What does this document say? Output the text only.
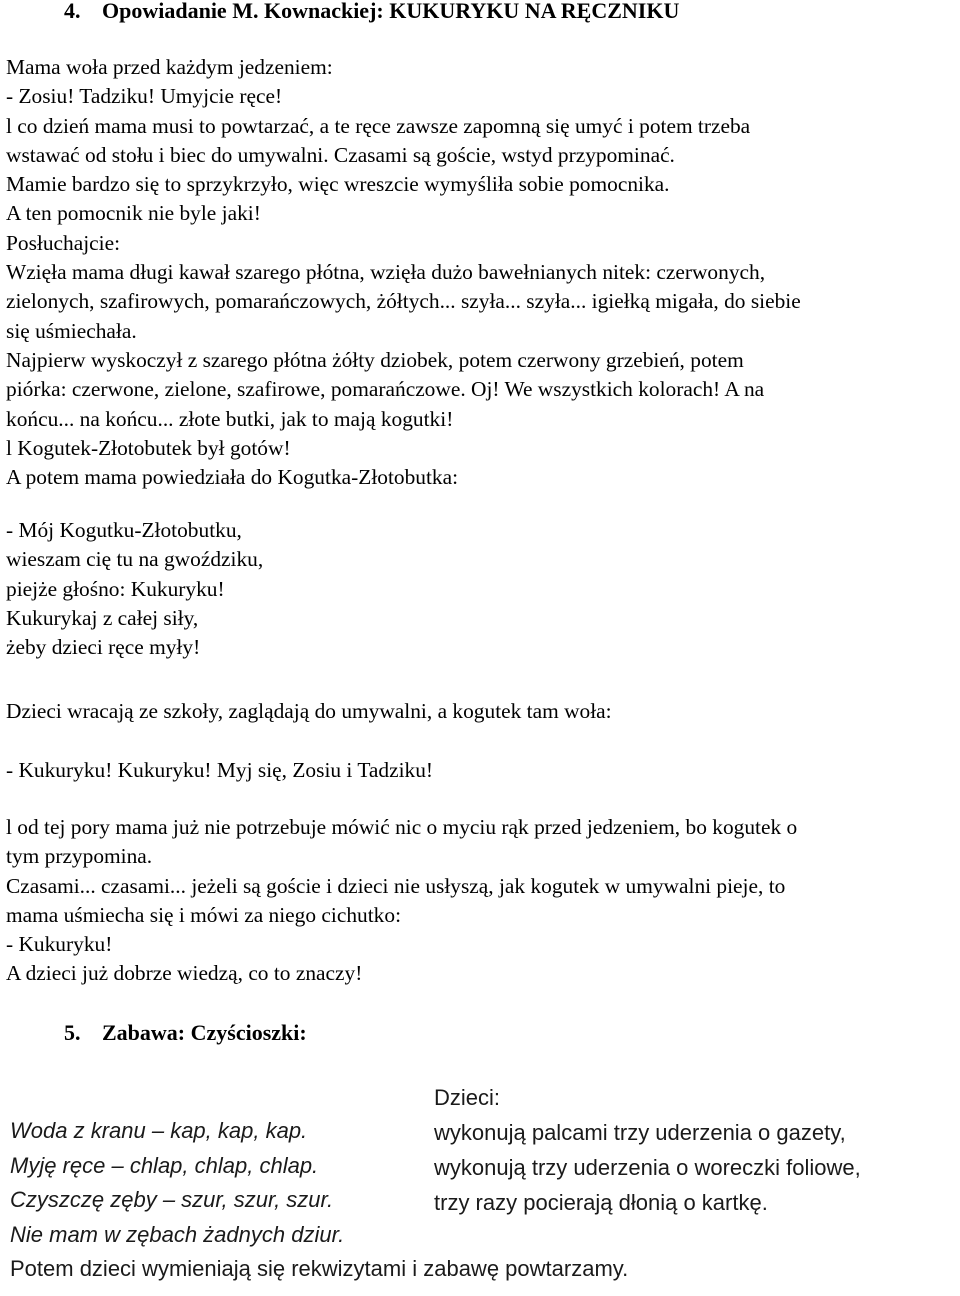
4. Opowiadanie M. Kownackiej: KUKURYKU NA RĘCZNIKU
Mama woła przed każdym jedzeniem:
- Zosiu! Tadziku! Umyjcie ręce!
l co dzień mama musi to powtarzać, a te ręce zawsze zapomną się umyć i potem trzeba
wstawać od stołu i biec do umywalni. Czasami są goście, wstyd przypominać.
Mamie bardzo się to sprzykrzyło, więc wreszcie wymyśliła sobie pomocnika.
A ten pomocnik nie byle jaki!
Posłuchajcie:
Wzięła mama długi kawał szarego płótna, wzięła dużo bawełnianych nitek: czerwonych,
zielonych, szafirowych, pomarańczowych, żółtych... szyła... szyła... igiełką migała, do siebie
się uśmiechała.
Najpierw wyskoczył z szarego płótna żółty dziobek, potem czerwony grzebień, potem
piórka: czerwone, zielone, szafirowe, pomarańczowe. Oj! We wszystkich kolorach! A na
końcu... na końcu... złote butki, jak to mają kogutki!
l Kogutek-Złotobutek był gotów!
A potem mama powiedziała do Kogutka-Złotobutka:
- Mój Kogutku-Złotobutku,
wieszam cię tu na gwoździku,
piejże głośno: Kukuryku!
Kukurykaj z całej siły,
żeby dzieci ręce myły!
Dzieci wracają ze szkoły, zaglądają do umywalni, a kogutek tam woła:
- Kukuryku! Kukuryku! Myj się, Zosiu i Tadziku!
l od tej pory mama już nie potrzebuje mówić nic o myciu rąk przed jedzeniem, bo kogutek o
tym przypomina.
Czasami... czasami... jeżeli są goście i dzieci nie usłyszą, jak kogutek w umywalni pieje, to
mama uśmiecha się i mówi za niego cichutko:
- Kukuryku!
A dzieci już dobrze wiedzą, co to znaczy!
5. Zabawa: Czyścioszki:
Woda z kranu – kap, kap, kap.
Myję ręce – chlap, chlap, chlap.
Czyszczę zęby – szur, szur, szur.
Nie mam w zębach żadnych dziur.
Dzieci:
wykonują palcami trzy uderzenia o gazety,
wykonują trzy uderzenia o woreczki foliowe,
trzy razy pocierają dłonią o kartkę.
Potem dzieci wymieniają się rekwizytami i zabawę powtarzamy.
